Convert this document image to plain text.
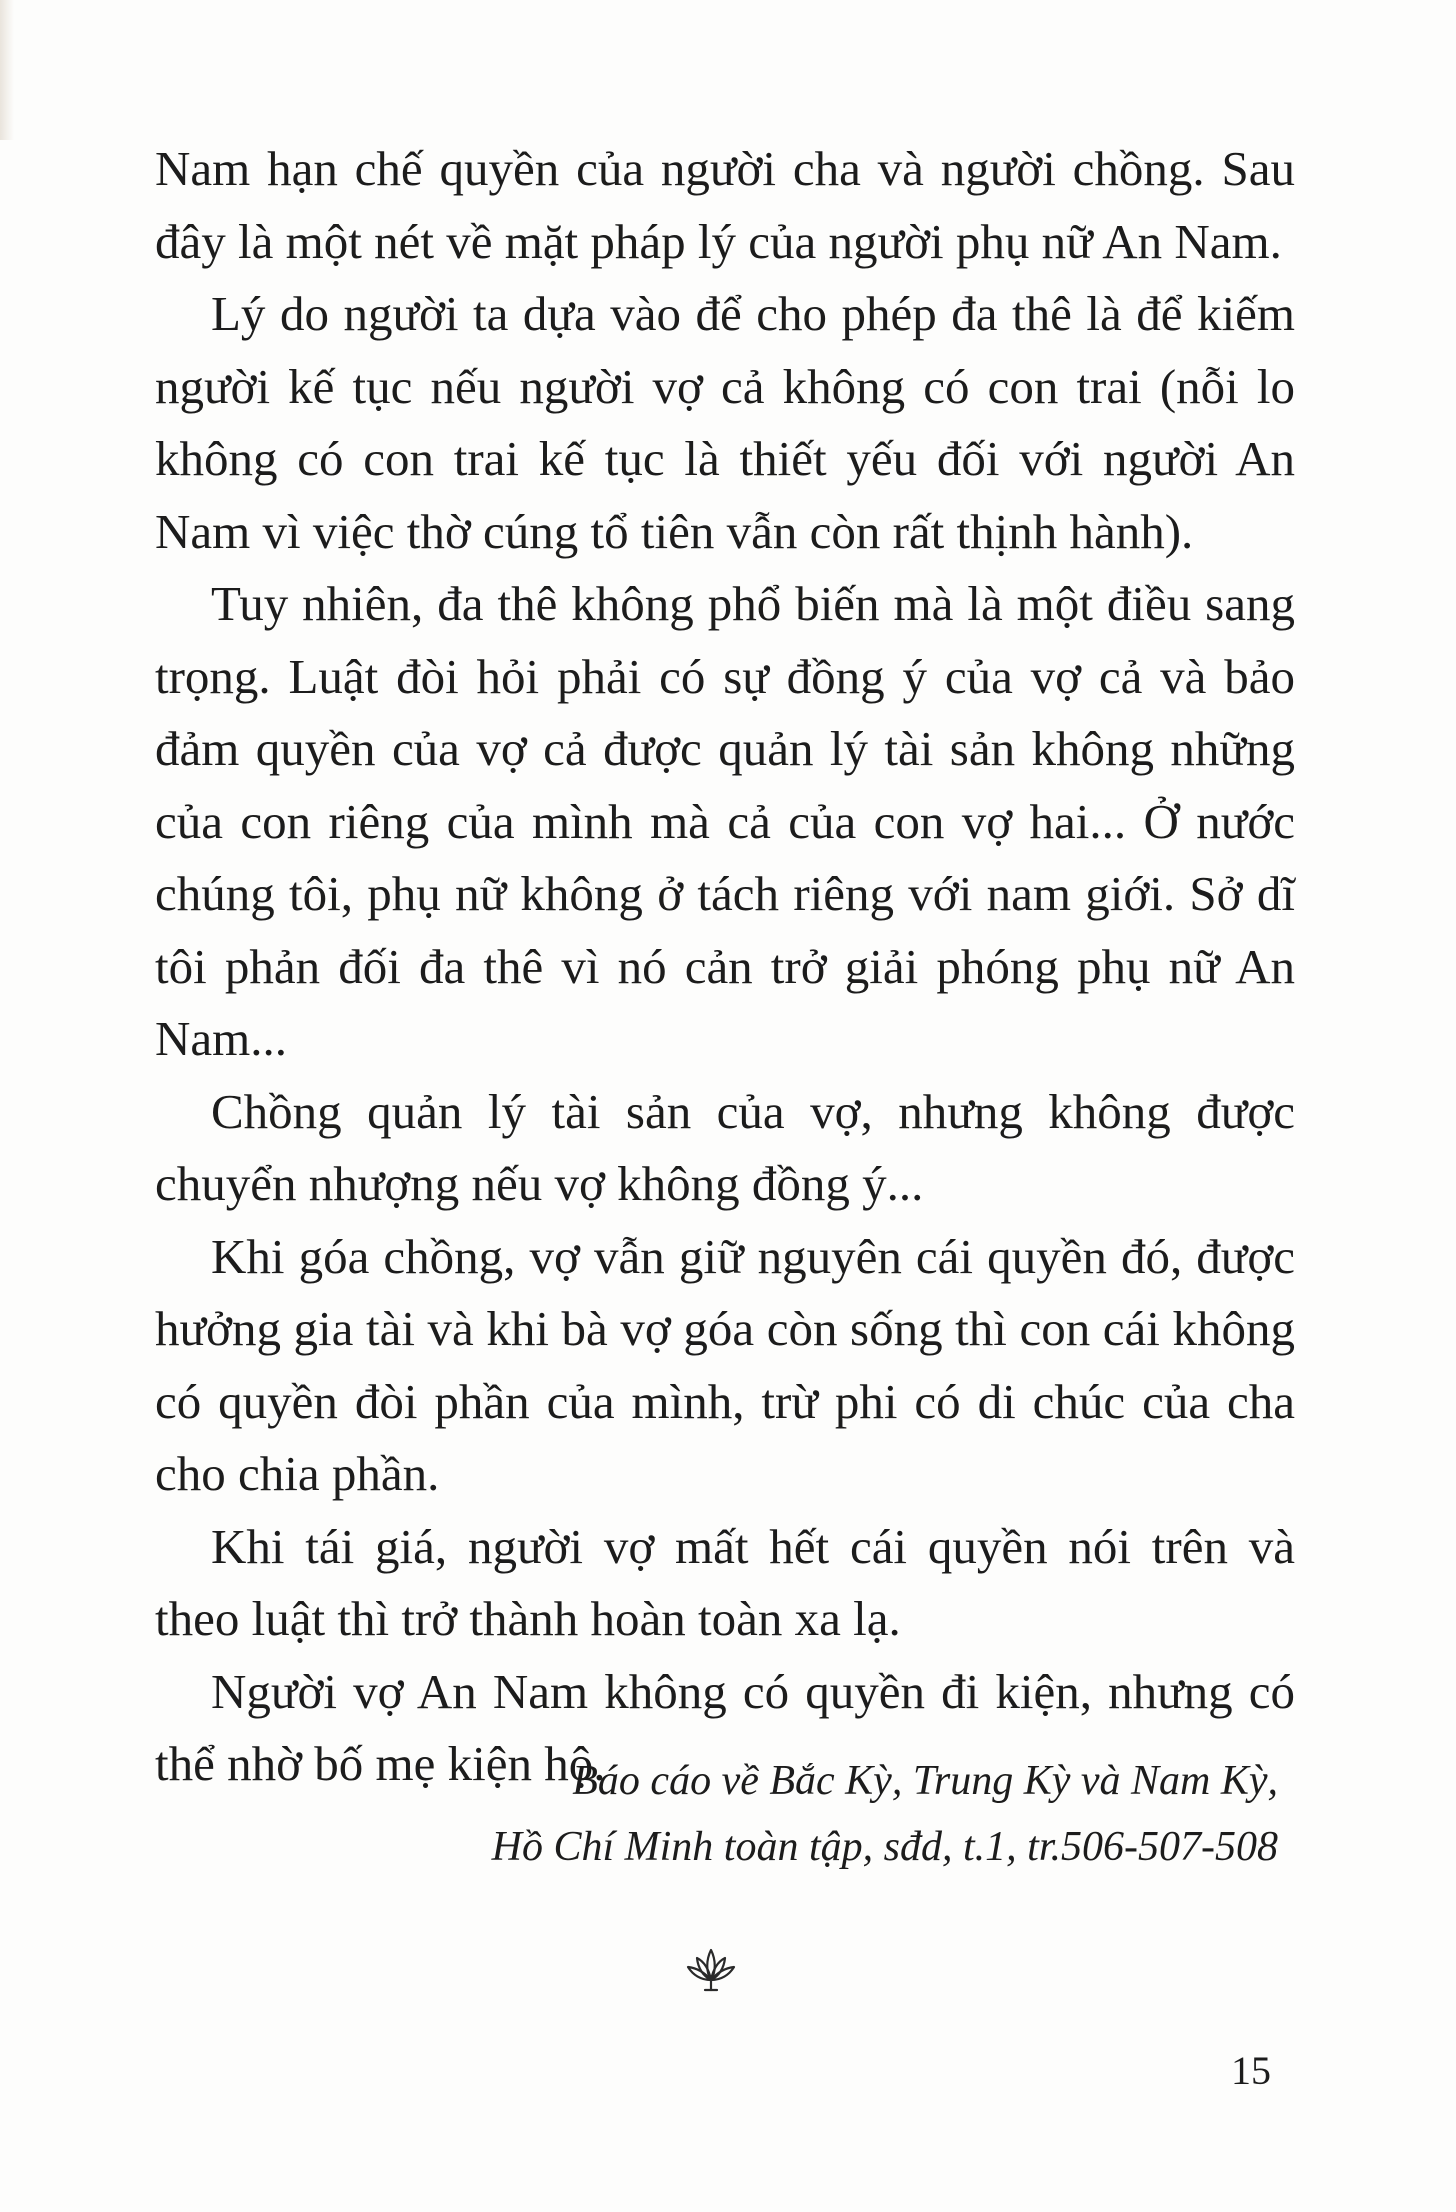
Nam hạn chế quyền của người cha và người chồng. Sau đây là một nét về mặt pháp lý của người phụ nữ An Nam.

Lý do người ta dựa vào để cho phép đa thê là để kiếm người kế tục nếu người vợ cả không có con trai (nỗi lo không có con trai kế tục là thiết yếu đối với người An Nam vì việc thờ cúng tổ tiên vẫn còn rất thịnh hành).

Tuy nhiên, đa thê không phổ biến mà là một điều sang trọng. Luật đòi hỏi phải có sự đồng ý của vợ cả và bảo đảm quyền của vợ cả được quản lý tài sản không những của con riêng của mình mà cả của con vợ hai... Ở nước chúng tôi, phụ nữ không ở tách riêng với nam giới. Sở dĩ tôi phản đối đa thê vì nó cản trở giải phóng phụ nữ An Nam...

Chồng quản lý tài sản của vợ, nhưng không được chuyển nhượng nếu vợ không đồng ý...

Khi góa chồng, vợ vẫn giữ nguyên cái quyền đó, được hưởng gia tài và khi bà vợ góa còn sống thì con cái không có quyền đòi phần của mình, trừ phi có di chúc của cha cho chia phần.

Khi tái giá, người vợ mất hết cái quyền nói trên và theo luật thì trở thành hoàn toàn xa lạ.

Người vợ An Nam không có quyền đi kiện, nhưng có thể nhờ bố mẹ kiện hộ.

Báo cáo về Bắc Kỳ, Trung Kỳ và Nam Kỳ,
Hồ Chí Minh toàn tập, sđd, t.1, tr.506-507-508
15
